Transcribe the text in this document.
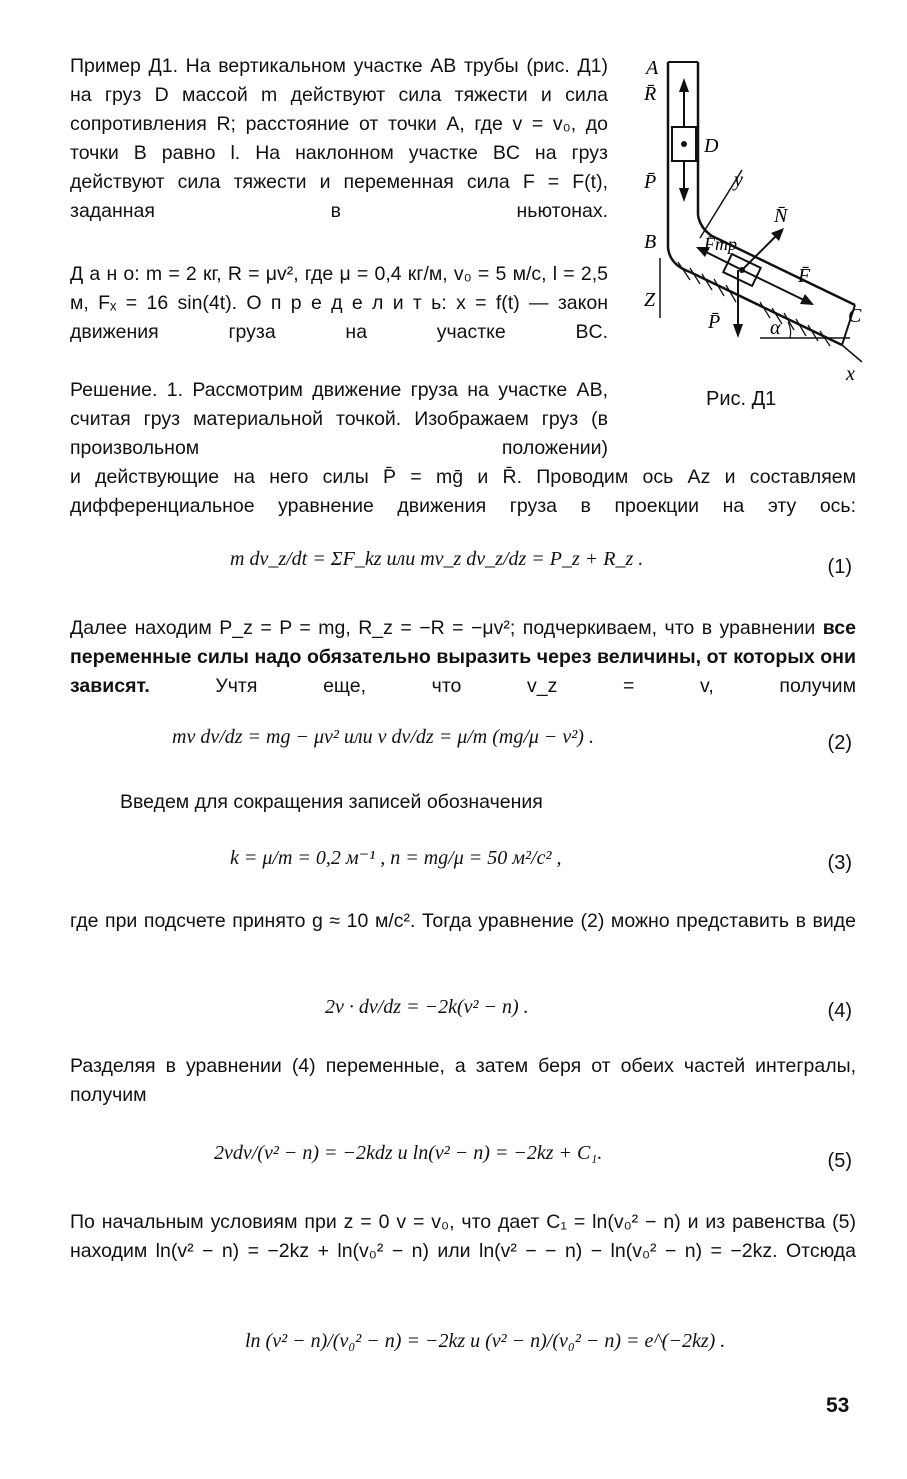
A
R̄
D
P̄	y
B	F̄тр
N̄
F̄
Z
P̄ α
C
x
Рис. Д1
Пример Д1. На вертикальном участке AB трубы (рис. Д1) на груз D массой m действуют сила тяжести и сила сопротивления R; расстояние от точки A, где v = v₀, до точки B равно l. На наклонном участке BC на груз действуют сила тяжести и переменная сила F = F(t), заданная в ньютонах.
Д а н о: m = 2 кг, R = μv², где μ = 0,4 кг/м, v₀ = 5 м/с, l = 2,5 м, Fₓ = 16 sin(4t). О п р е д е л и т ь: x = f(t) — закон движения груза на участке BC.
Решение. 1. Рассмотрим движение груза на участке AB, считая груз материальной точкой. Изображаем груз (в произвольном положении)
и действующие на него силы P̄ = mḡ и R̄. Проводим ось Az и составляем дифференциальное уравнение движения груза в проекции на эту ось:
m dv_z/dt = ΣF_kz или mv_z dv_z/dz = P_z + R_z .	(1)
Далее находим P_z = P = mg, R_z = −R = −μv²; подчеркиваем, что в уравнении все переменные силы надо обязательно выразить через величины, от которых они зависят. Учтя еще, что v_z = v, получим
mv dv/dz = mg − μv² или v dv/dz = μ/m (mg/μ − v²) .	(2)
Введем для сокращения записей обозначения
k = μ/m = 0,2 м⁻¹ , n = mg/μ = 50 м²/с² ,	(3)
где при подсчете принято g ≈ 10 м/с². Тогда уравнение (2) можно представить в виде
2v · dv/dz = −2k(v² − n) .	(4)
Разделяя в уравнении (4) переменные, а затем беря от обеих частей интегралы, получим
2vdv/(v² − n) = −2kdz и ln(v² − n) = −2kz + C₁.	(5)
По начальным условиям при z = 0 v = v₀, что дает C₁ = ln(v₀² − n) и из равенства (5) находим ln(v² − n) = −2kz + ln(v₀² − n) или ln(v² − − n) − ln(v₀² − n) = −2kz. Отсюда
ln (v² − n)/(v₀² − n) = −2kz и (v² − n)/(v₀² − n) = e^(−2kz) .
53
